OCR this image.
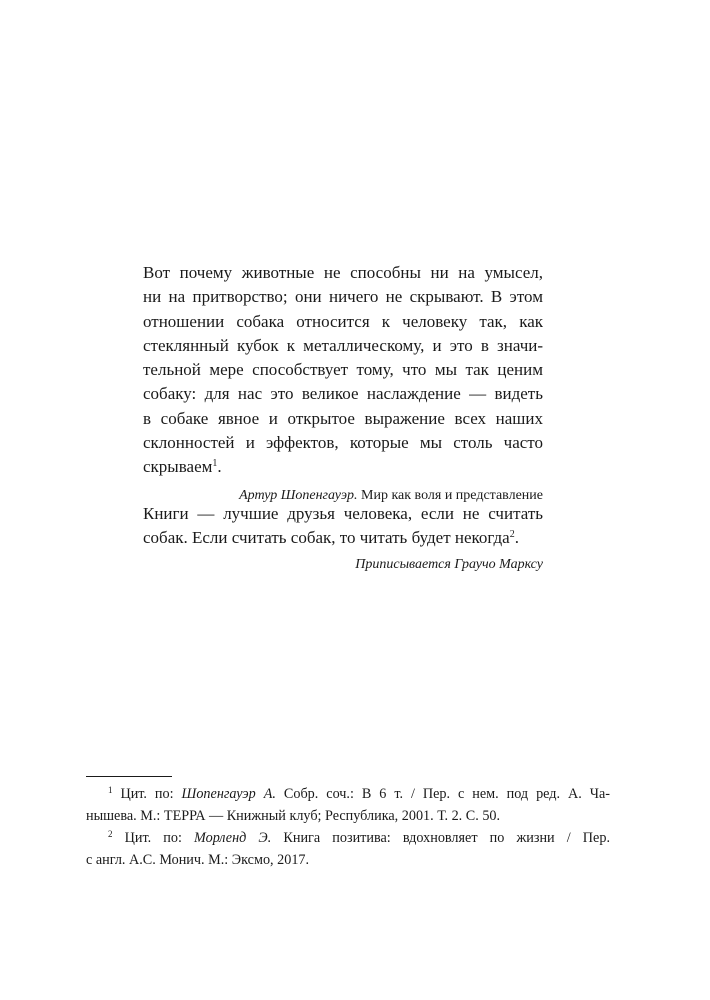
Вот почему животные не способны ни на умысел,
ни на притворство; они ничего не скрывают. В этом
отношении собака относится к человеку так, как
стеклянный кубок к металлическому, и это в значи-
тельной мере способствует тому, что мы так ценим
собаку: для нас это великое наслаждение — видеть
в собаке явное и открытое выражение всех наших
склонностей и эффектов, которые мы столь часто
скрываем$^1$.
Артур Шопенгауэр. Мир как воля и представление
Книги — лучшие друзья человека, если не считать
собак. Если считать собак, то читать будет некогда$^2$.
Приписывается Граучо Марксу
$^1$ Цит. по: Шопенгауэр А. Собр. соч.: В 6 т. / Пер. с нем. под ред. А. Ча-
нышева. М.: ТЕРРА — Книжный клуб; Республика, 2001. Т. 2. С. 50.
$^2$ Цит. по: Морленд Э. Книга позитива: вдохновляет по жизни / Пер.
с англ. А.С. Монич. М.: Эксмо, 2017.
